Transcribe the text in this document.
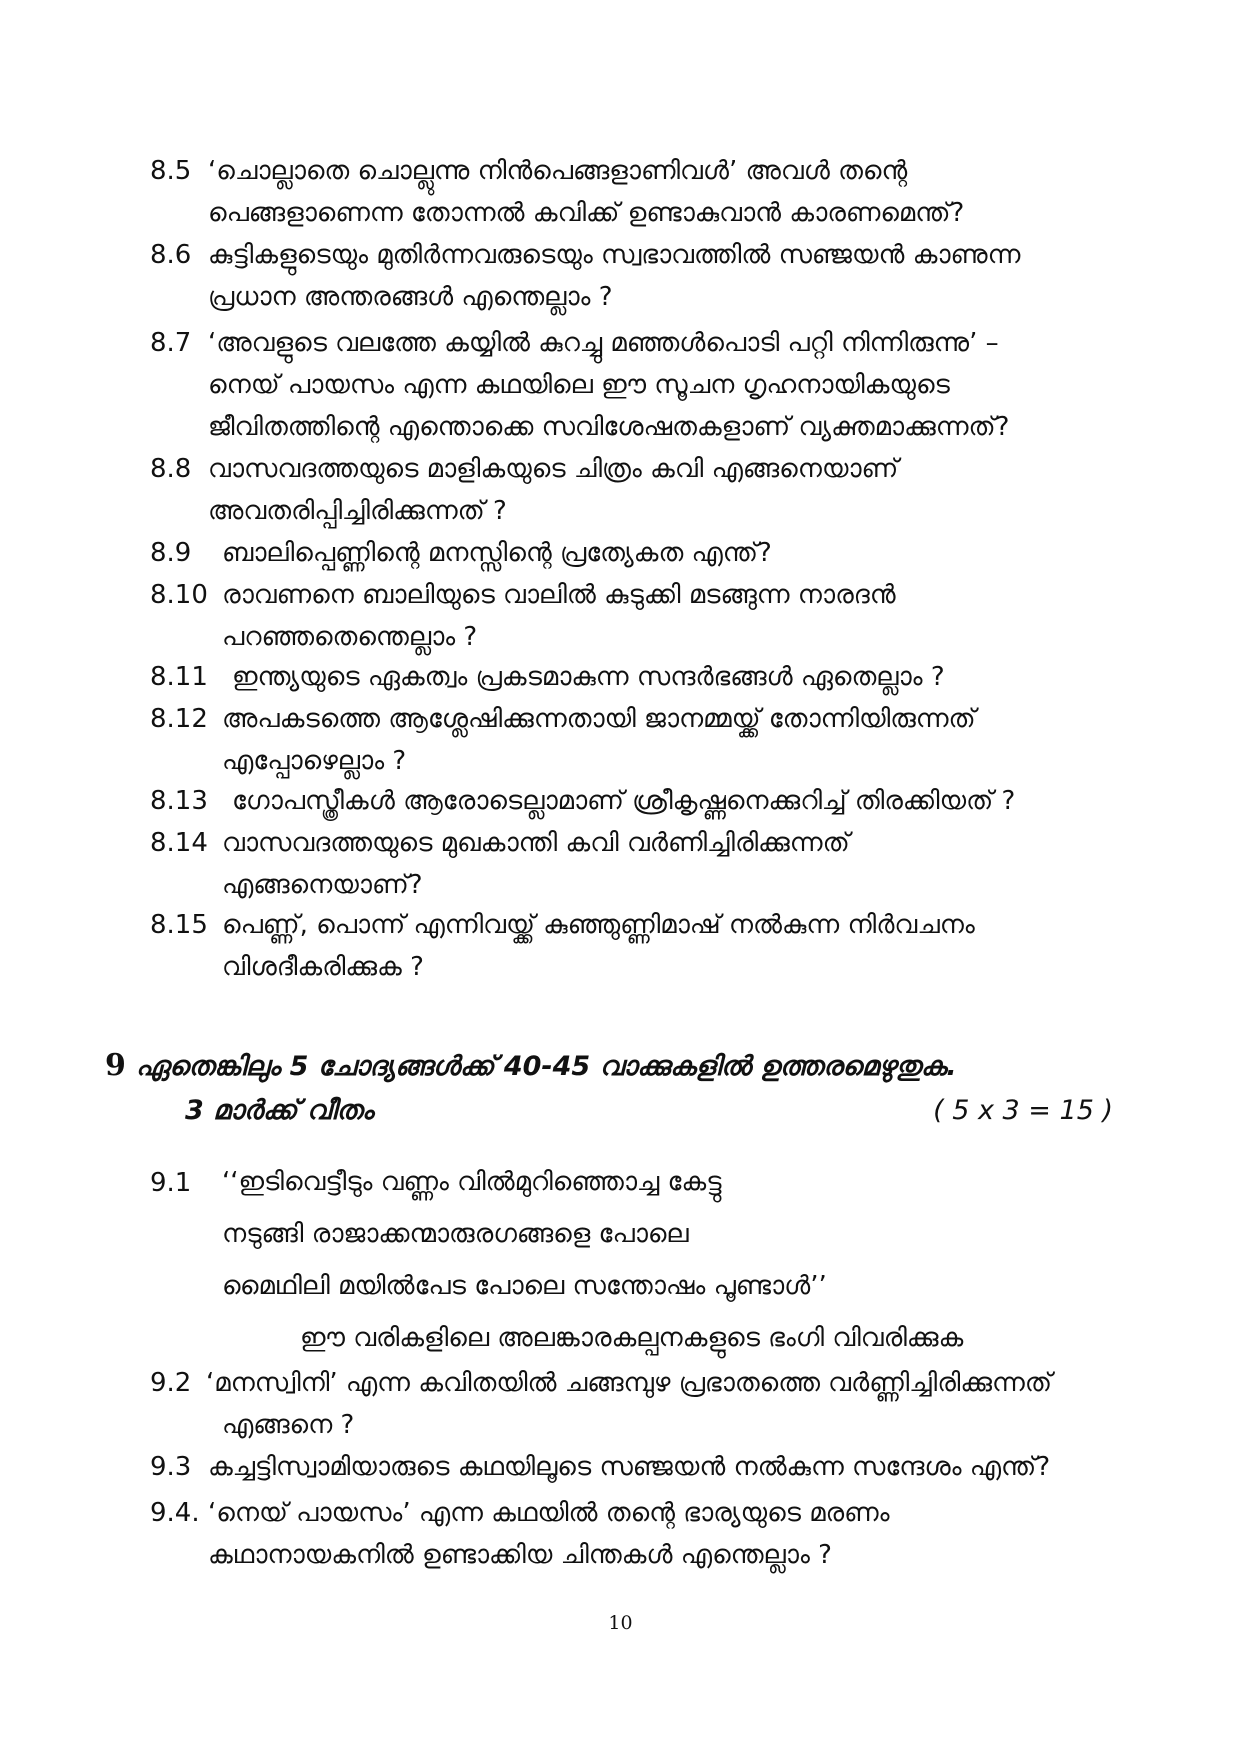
8.5 ‘ചൊല്ലാതെ ചൊല്ലുന്നു നിൻപെങ്ങളാണിവൾ’ അവൾ തന്റെ
പെങ്ങളാണെന്ന തോന്നൽ കവിക്ക് ഉണ്ടാകുവാൻ കാരണമെന്ത്?
8.6 കുട്ടികളുടെയും മുതിർന്നവരുടെയും സ്വഭാവത്തിൽ സഞ്ജയൻ കാണുന്ന
പ്രധാന അന്തരങ്ങൾ എന്തെല്ലാം ?
8.7 ‘അവളുടെ വലത്തേ കയ്യിൽ കുറച്ചു മഞ്ഞൾപൊടി പറ്റി നിന്നിരുന്നു’ –
നെയ് പായസം എന്ന കഥയിലെ ഈ സൂചന ഗൃഹനായികയുടെ
ജീവിതത്തിന്റെ എന്തൊക്കെ സവിശേഷതകളാണ് വ്യക്തമാക്കുന്നത്?
8.8 വാസവദത്തയുടെ മാളികയുടെ ചിത്രം കവി എങ്ങനെയാണ്
അവതരിപ്പിച്ചിരിക്കുന്നത് ?
8.9	ബാലിപ്പെണ്ണിന്റെ മനസ്സിന്റെ പ്രത്യേകത എന്ത്?
8.10 രാവണനെ ബാലിയുടെ വാലിൽ കുടുക്കി മടങ്ങുന്ന നാരദൻ
പറഞ്ഞതെന്തെല്ലാം ?
8.11 ഇന്ത്യയുടെ ഏകത്വം പ്രകടമാകുന്ന സന്ദർഭങ്ങൾ ഏതെല്ലാം ?
8.12 അപകടത്തെ ആശ്ലേഷിക്കുന്നതായി ജാനമ്മയ്ക്ക് തോന്നിയിരുന്നത്
എപ്പോഴെല്ലാം ?
8.13 ഗോപസ്ത്രീകൾ ആരോടെല്ലാമാണ് ശ്രീകൃഷ്ണനെക്കുറിച്ച് തിരക്കിയത് ?
8.14 വാസവദത്തയുടെ മുഖകാന്തി കവി വർണിച്ചിരിക്കുന്നത്
എങ്ങനെയാണ്?
8.15 പെണ്ണ്, പൊന്ന് എന്നിവയ്ക്ക് കുഞ്ഞുണ്ണിമാഷ് നൽകുന്ന നിർവചനം
വിശദീകരിക്കുക ?
9 ഏതെങ്കിലും 5 ചോദ്യങ്ങൾക്ക് 40-45 വാക്കുകളിൽ ഉത്തരമെഴുതുക.
3 മാർക്ക് വീതം	( 5 x 3 = 15 )
9.1	‘‘ഇടിവെട്ടീടും വണ്ണം വിൽമുറിഞ്ഞൊച്ച കേട്ടു
നടുങ്ങി രാജാക്കന്മാരുരഗങ്ങളെ പോലെ
മൈഥിലി മയിൽപേട പോലെ സന്തോഷം പൂണ്ടാൾ’’
ഈ വരികളിലെ അലങ്കാരകല്പനകളുടെ ഭംഗി വിവരിക്കുക
9.2 ‘മനസ്വിനി’ എന്ന കവിതയിൽ ചങ്ങമ്പുഴ പ്രഭാതത്തെ വർണ്ണിച്ചിരിക്കുന്നത്
എങ്ങനെ ?
9.3 കച്ചട്ടിസ്വാമിയാരുടെ കഥയിലൂടെ സഞ്ജയൻ നൽകുന്ന സന്ദേശം എന്ത്?
9.4. ‘നെയ് പായസം’ എന്ന കഥയിൽ തന്റെ ഭാര്യയുടെ മരണം
കഥാനായകനിൽ ഉണ്ടാക്കിയ ചിന്തകൾ എന്തെല്ലാം ?
10
